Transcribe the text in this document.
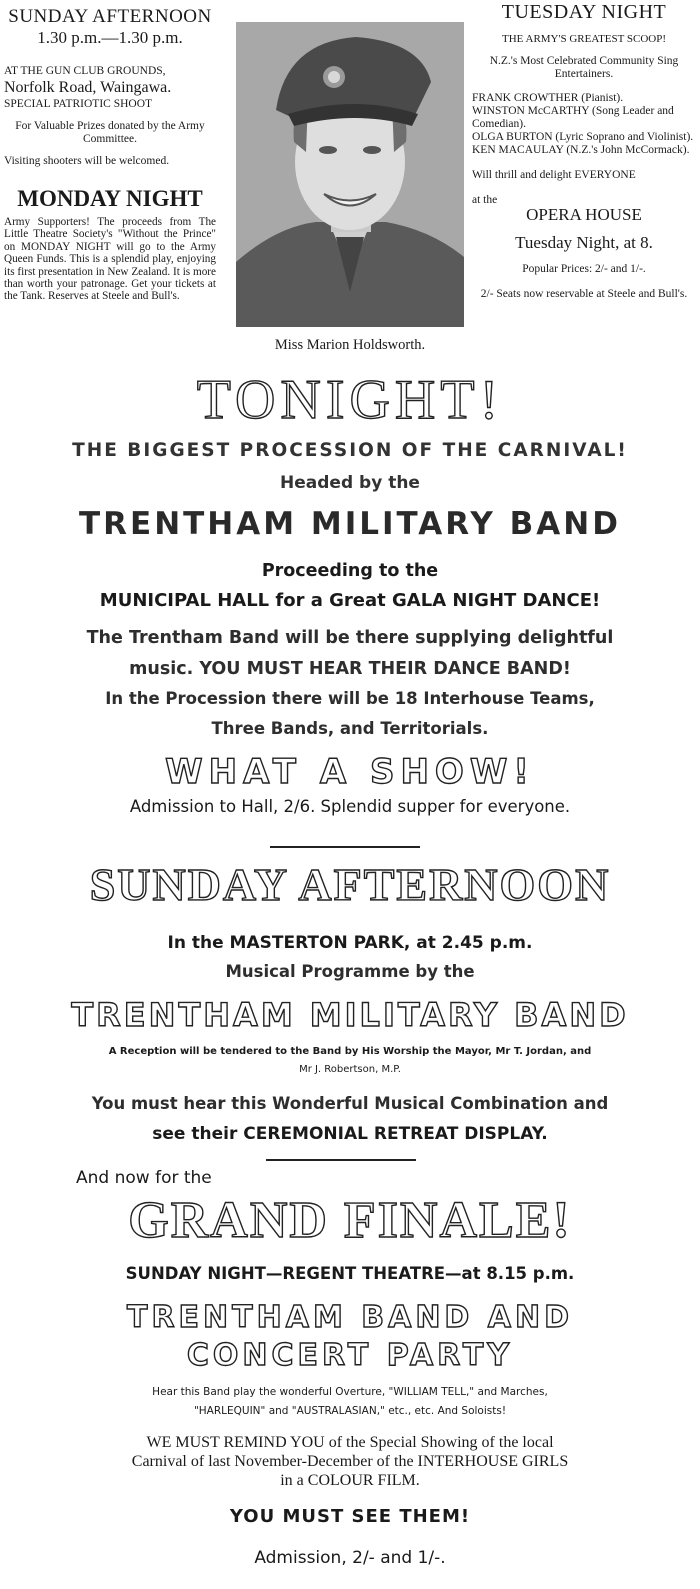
SUNDAY AFTERNOON
1.30 p.m.—1.30 p.m.
AT THE GUN CLUB GROUNDS,
Norfolk Road, Waingawa.
SPECIAL PATRIOTIC SHOOT
For Valuable Prizes donated by the Army Committee.
Visiting shooters will be welcomed.
MONDAY NIGHT
Army Supporters! The proceeds from The Little Theatre Society's "Without the Prince" on MONDAY NIGHT will go to the Army Queen Funds. This is a splendid play, enjoying its first presentation in New Zealand. It is more than worth your patronage. Get your tickets at the Tank. Reserves at Steele and Bull's.
Miss Marion Holdsworth.
TUESDAY NIGHT
THE ARMY'S GREATEST SCOOP!
N.Z.'s Most Celebrated Community Sing Entertainers.
FRANK CROWTHER (Pianist).
WINSTON McCARTHY (Song Leader and Comedian).
OLGA BURTON (Lyric Soprano and Violinist).
KEN MACAULAY (N.Z.'s John McCormack).
Will thrill and delight EVERYONE
at the
OPERA HOUSE
Tuesday Night, at 8.
Popular Prices: 2/- and 1/-.
2/- Seats now reservable at Steele and Bull's.
TONIGHT!
THE BIGGEST PROCESSION OF THE CARNIVAL!
Headed by the
TRENTHAM MILITARY BAND
Proceeding to the
MUNICIPAL HALL for a Great GALA NIGHT DANCE!
The Trentham Band will be there supplying delightful
music. YOU MUST HEAR THEIR DANCE BAND!
In the Procession there will be 18 Interhouse Teams,
Three Bands, and Territorials.
WHAT A SHOW!
Admission to Hall, 2/6. Splendid supper for everyone.
SUNDAY AFTERNOON
In the MASTERTON PARK, at 2.45 p.m.
Musical Programme by the
TRENTHAM MILITARY BAND
A Reception will be tendered to the Band by His Worship the Mayor, Mr T. Jordan, and
Mr J. Robertson, M.P.
You must hear this Wonderful Musical Combination and
see their CEREMONIAL RETREAT DISPLAY.
And now for the
GRAND FINALE!
SUNDAY NIGHT—REGENT THEATRE—at 8.15 p.m.
TRENTHAM BAND AND
CONCERT PARTY
Hear this Band play the wonderful Overture, "WILLIAM TELL," and Marches,
"HARLEQUIN" and "AUSTRALASIAN," etc., etc. And Soloists!
WE MUST REMIND YOU of the Special Showing of the local
Carnival of last November-December of the INTERHOUSE GIRLS
in a COLOUR FILM.
YOU MUST SEE THEM!
Admission, 2/- and 1/-.
